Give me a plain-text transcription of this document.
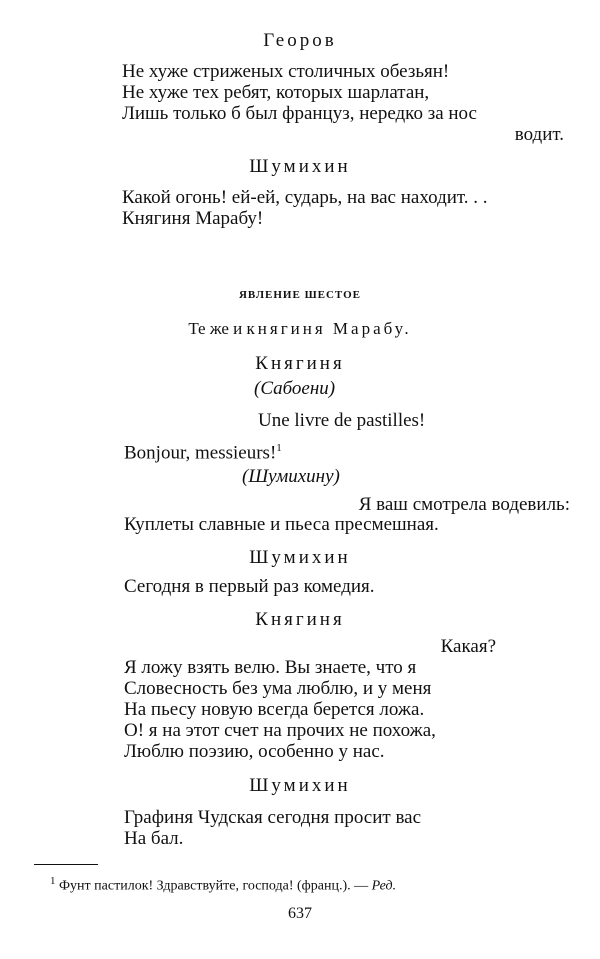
Георов
Не хуже стриженых столичных обезьян!
Не хуже тех ребят, которых шарлатан,
Лишь только б был француз, нередко за нос
водит.
Шумихин
Какой огонь! ей-ей, сударь, на вас находит. . .
Княгиня Марабу!
ЯВЛЕНИЕ ШЕСТОЕ
Те же и княгиня Марабу.
Княгиня
(Сабоени)
Une livre de pastilles!
Bonjour, messieurs!$^1$
(Шумихину)
Я ваш смотрела водевиль:
Куплеты славные и пьеса пресмешная.
Шумихин
Сегодня в первый раз комедия.
Княгиня
Какая?
Я ложу взять велю. Вы знаете, что я
Словесность без ума люблю, и у меня
На пьесу новую всегда берется ложа.
О! я на этот счет на прочих не похожа,
Люблю поэзию, особенно у нас.
Шумихин
Графиня Чудская сегодня просит вас
На бал.
$^1$ Фунт пастилок! Здравствуйте, господа! (франц.). — Ред.
637
